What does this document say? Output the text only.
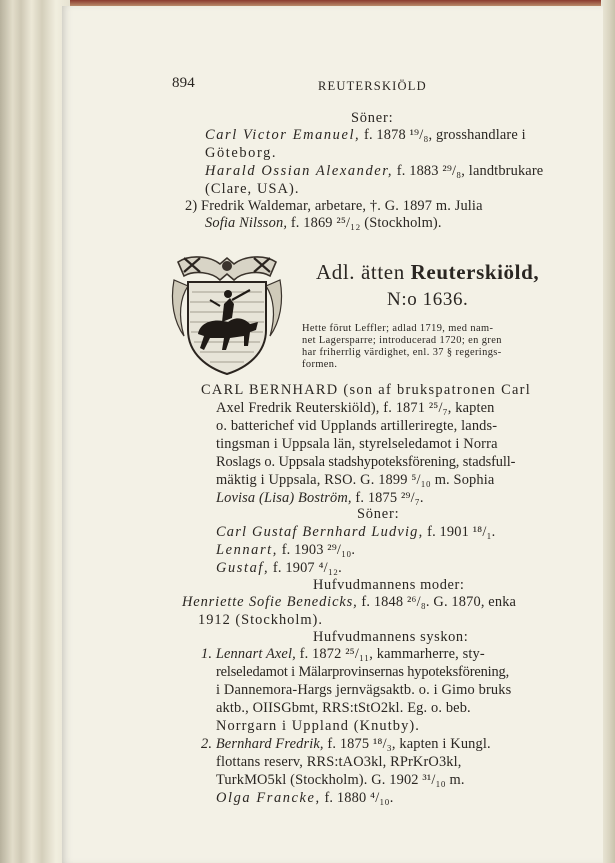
894	REUTERSKIÖLD
Söner:
Carl Victor Emanuel, f. 1878 ¹⁹/₈, grosshandlare i
Göteborg.
Harald Ossian Alexander, f. 1883 ²⁹/₈, landtbrukare
(Clare, USA).
2) Fredrik Waldemar, arbetare, †. G. 1897 m. Julia
Sofia Nilsson, f. 1869 ²⁵/₁₂ (Stockholm).
Adl. ätten Reuterskiöld,
N:o 1636.
Hette förut Leffler; adlad 1719, med nam-
net Lagersparre; introducerad 1720; en gren
har friherrlig värdighet, enl. 37 § regerings-
formen.
CARL BERNHARD (son af brukspatronen Carl
Axel Fredrik Reuterskiöld), f. 1871 ²⁵/₇, kapten
o. batterichef vid Upplands artilleriregte, lands-
tingsman i Uppsala län, styrelseledamot i Norra
Roslags o. Uppsala stadshypoteksförening, stadsfull-
mäktig i Uppsala, RSO. G. 1899 ⁵/₁₀ m. Sophia
Lovisa (Lisa) Boström, f. 1875 ²⁹/₇.
Söner:
Carl Gustaf Bernhard Ludvig, f. 1901 ¹⁸/₁.
Lennart, f. 1903 ²⁹/₁₀.
Gustaf, f. 1907 ⁴/₁₂.
Hufvudmannens moder:
Henriette Sofie Benedicks, f. 1848 ²⁶/₈. G. 1870, enka
1912 (Stockholm).
Hufvudmannens syskon:
1. Lennart Axel, f. 1872 ²⁵/₁₁, kammarherre, sty-
relseledamot i Mälarprovinsernas hypoteksförening,
i Dannemora-Hargs jernvägsaktb. o. i Gimo bruks
aktb., OIISGbmt, RRS:tStO2kl. Eg. o. beb.
Norrgarn i Uppland (Knutby).
2. Bernhard Fredrik, f. 1875 ¹⁸/₃, kapten i Kungl.
flottans reserv, RRS:tAO3kl, RPrKrO3kl,
TurkMO5kl (Stockholm). G. 1902 ³¹/₁₀ m.
Olga Francke, f. 1880 ⁴/₁₀.
